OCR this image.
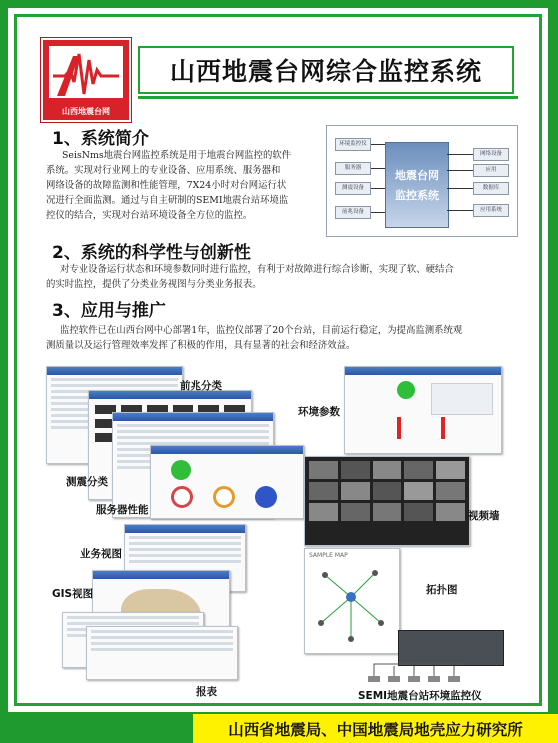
山西地震台网
山西地震台网综合监控系统
1、系统简介
SeisNms地震台网监控系统是用于地震台网监控的软件
系统。实现对行业网上的专业设备、应用系统、服务器和
网络设备的故障监测和性能管理，7X24小时对台网运行状
况进行全面监测。通过与自主研制的SEMI地震台站环境监
控仪的结合，实现对台站环境设备全方位的监控。
地震台网
监控系统
环境监控仪
服务器
测震设备
前兆设备
网络设备
应用
数据库
应用系统
2、系统的科学性与创新性
对专业设备运行状态和环境参数同时进行监控，有利于对故障进行综合诊断，实现了软、硬结合
的实时监控，提供了分类业务视图与分类业务报表。
3、应用与推广
监控软件已在山西台网中心部署1年，监控仪部署了20个台站，目前运行稳定，为提高监测系统观
测质量以及运行管理效率发挥了积极的作用，具有显著的社会和经济效益。
前兆分类
环境参数
测震分类
服务器性能	视频墙
业务视图
GIS视图
报表
SAMPLE MAP
拓扑图
SEMI地震台站环境监控仪
山西省地震局、中国地震局地壳应力研究所
